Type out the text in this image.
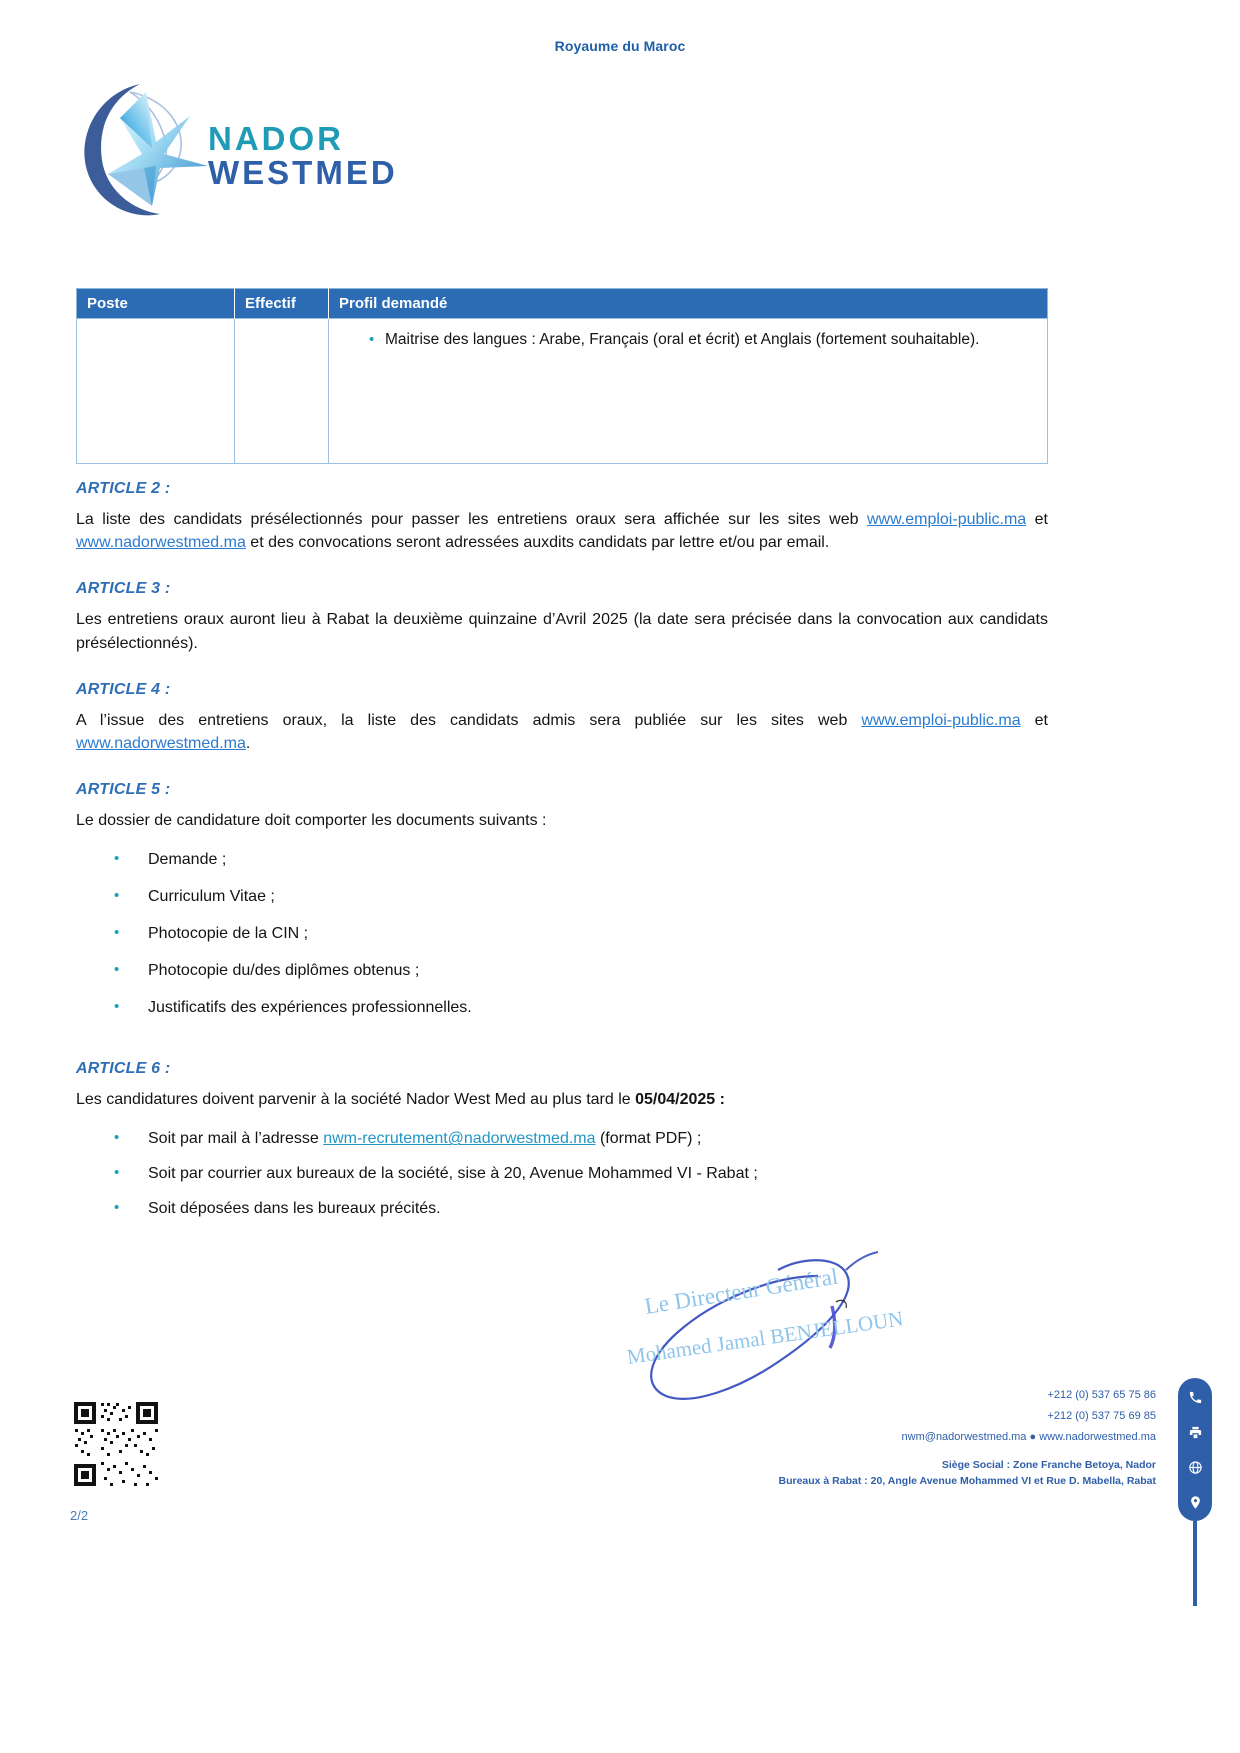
Royaume du Maroc
NADOR
WESTMED
Poste	Effectif	Profil demandé

		• Maitrise des langues : Arabe, Français (oral et écrit) et Anglais (fortement souhaitable).
ARTICLE 2 :

La liste des candidats présélectionnés pour passer les entretiens oraux sera affichée sur les sites web www.emploi-public.ma et www.nadorwestmed.ma et des convocations seront adressées auxdits candidats par lettre et/ou par email.

ARTICLE 3 :

Les entretiens oraux auront lieu à Rabat la deuxième quinzaine d’Avril 2025 (la date sera précisée dans la convocation aux candidats présélectionnés).

ARTICLE 4 :

A l’issue des entretiens oraux, la liste des candidats admis sera publiée sur les sites web www.emploi-public.ma et www.nadorwestmed.ma.

ARTICLE 5 :

Le dossier de candidature doit comporter les documents suivants :

• Demande ;
• Curriculum Vitae ;
• Photocopie de la CIN ;
• Photocopie du/des diplômes obtenus ;
• Justificatifs des expériences professionnelles.
ARTICLE 6 :

Les candidatures doivent parvenir à la société Nador West Med au plus tard le 05/04/2025 :

• Soit par mail à l’adresse nwm-recrutement@nadorwestmed.ma (format PDF) ;
• Soit par courrier aux bureaux de la société, sise à 20, Avenue Mohammed VI - Rabat ;
• Soit déposées dans les bureaux précités.
Le Directeur Général
Mohamed Jamal BENJELLOUN
+212 (0) 537 65 75 86
+212 (0) 537 75 69 85
nwm@nadorwestmed.ma ● www.nadorwestmed.ma
Siège Social : Zone Franche Betoya, Nador
Bureaux à Rabat : 20, Angle Avenue Mohammed VI et Rue D. Mabella, Rabat
2/2
